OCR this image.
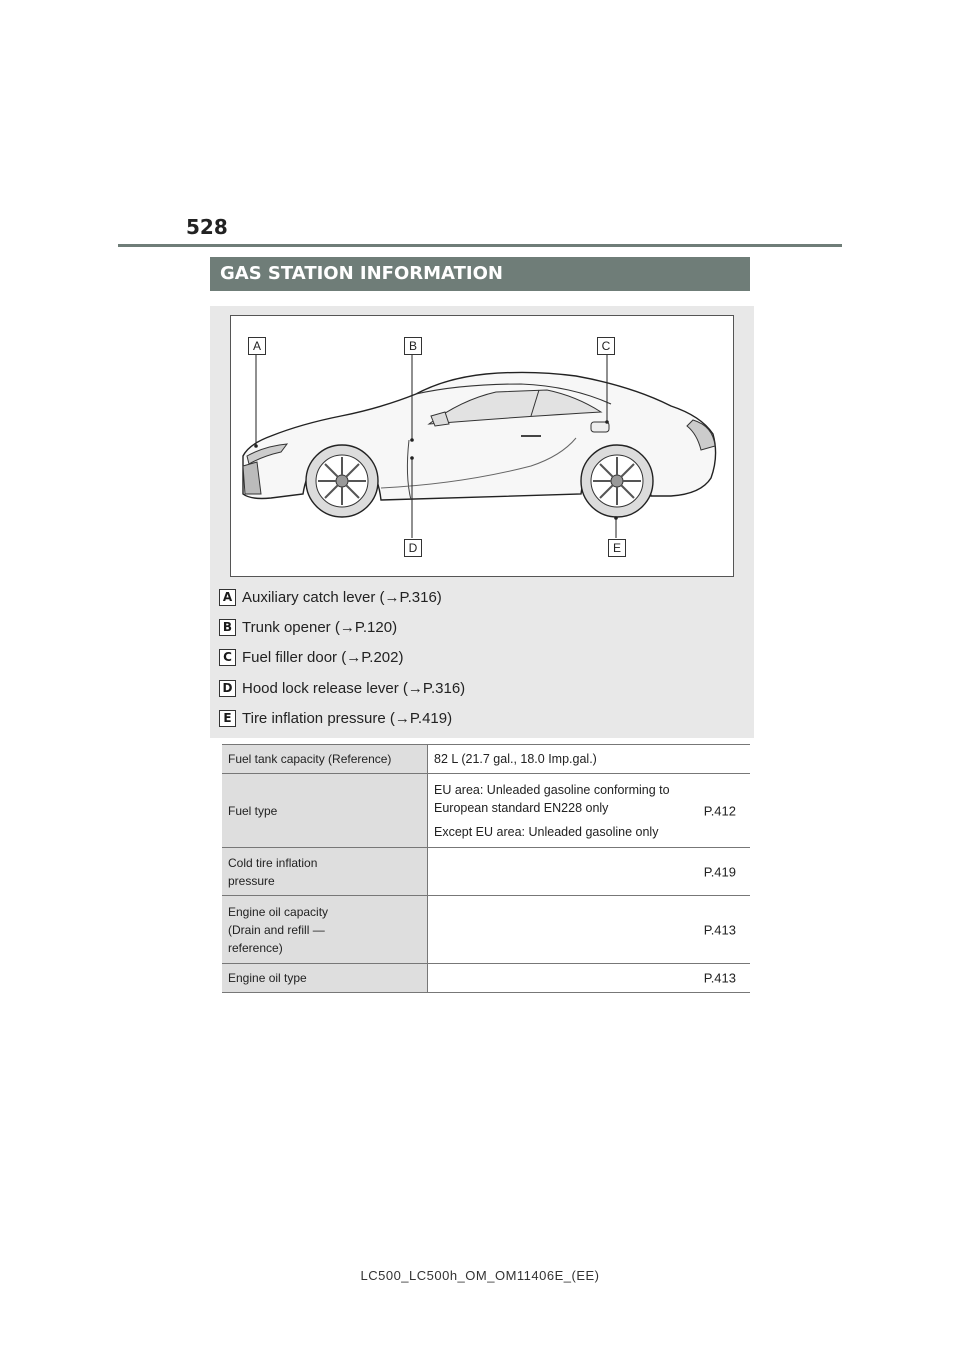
528
GAS STATION INFORMATION
A	B	C
D	E
A Auxiliary catch lever (→P.316)
B Trunk opener (→P.120)
C Fuel filler door (→P.202)
D Hood lock release lever (→P.316)
E Tire inflation pressure (→P.419)
Fuel tank capacity (Reference)	82 L (21.7 gal., 18.0 Imp.gal.)
Fuel type	EU area: Unleaded gasoline conforming to
European standard EN228 only
Except EU area: Unleaded gasoline only
P.412

Cold tire inflation
pressure	P.419

Engine oil capacity
(Drain and refill —
reference)	P.413

Engine oil type	P.413
LC500_LC500h_OM_OM11406E_(EE)
